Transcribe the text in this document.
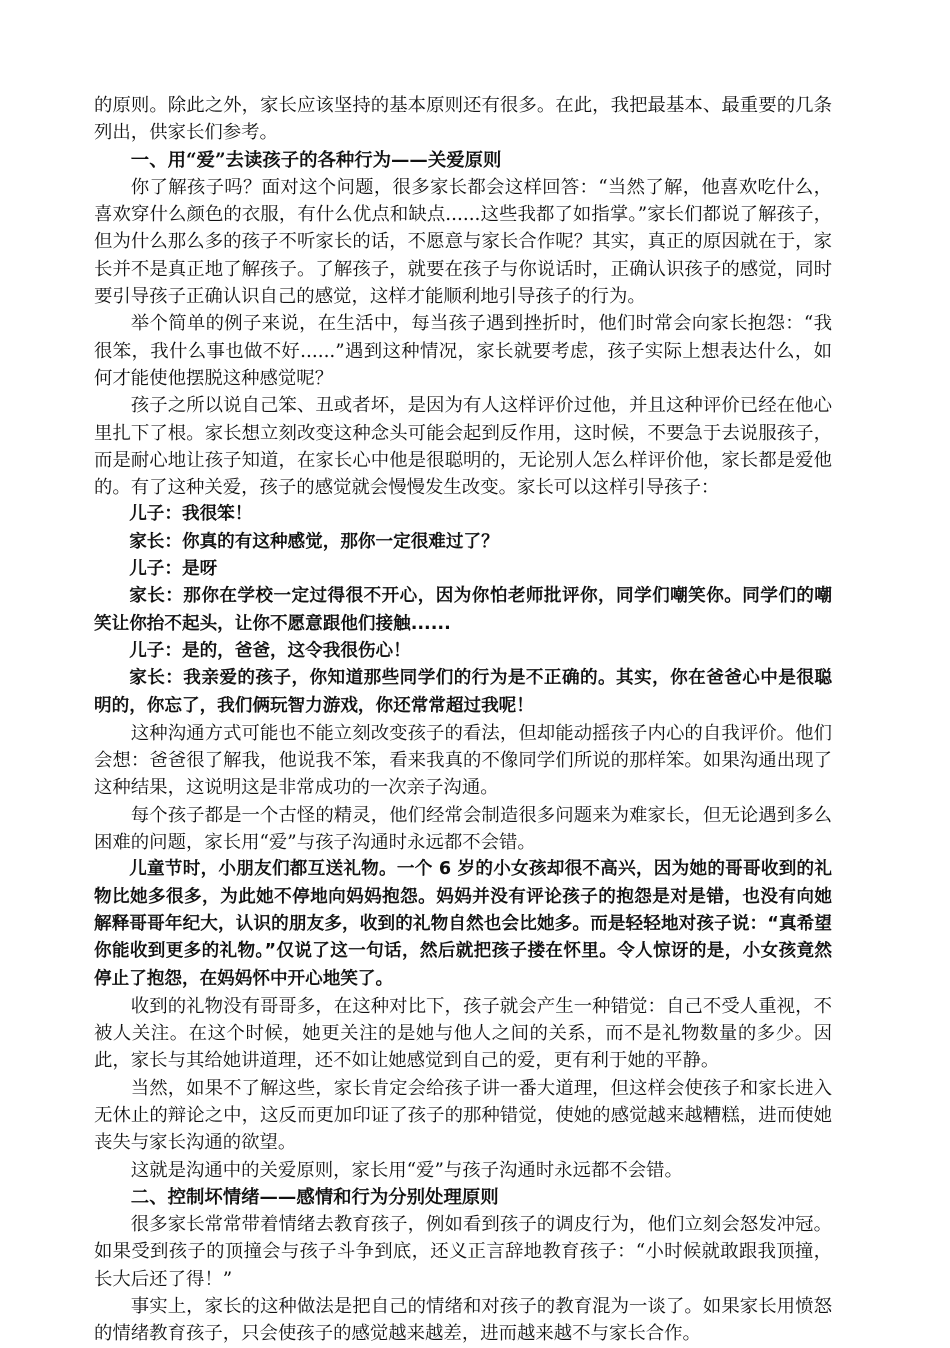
的原则。除此之外，家长应该坚持的基本原则还有很多。在此，我把最基本、最重要的几条列出，供家长们参考。

一、用“爱”去读孩子的各种行为——关爱原则

你了解孩子吗？面对这个问题，很多家长都会这样回答：“当然了解，他喜欢吃什么，喜欢穿什么颜色的衣服，有什么优点和缺点......这些我都了如指掌。”家长们都说了解孩子，但为什么那么多的孩子不听家长的话，不愿意与家长合作呢？其实，真正的原因就在于，家长并不是真正地了解孩子。了解孩子，就要在孩子与你说话时，正确认识孩子的感觉，同时要引导孩子正确认识自己的感觉，这样才能顺利地引导孩子的行为。

举个简单的例子来说，在生活中，每当孩子遇到挫折时，他们时常会向家长抱怨：“我很笨，我什么事也做不好......”遇到这种情况，家长就要考虑，孩子实际上想表达什么，如何才能使他摆脱这种感觉呢？

孩子之所以说自己笨、丑或者坏，是因为有人这样评价过他，并且这种评价已经在他心里扎下了根。家长想立刻改变这种念头可能会起到反作用，这时候，不要急于去说服孩子，而是耐心地让孩子知道，在家长心中他是很聪明的，无论别人怎么样评价他，家长都是爱他的。有了这种关爱，孩子的感觉就会慢慢发生改变。家长可以这样引导孩子：

儿子：我很笨！

家长：你真的有这种感觉，那你一定很难过了？

儿子：是呀

家长：那你在学校一定过得很不开心，因为你怕老师批评你，同学们嘲笑你。同学们的嘲笑让你抬不起头，让你不愿意跟他们接触......

儿子：是的，爸爸，这令我很伤心！

家长：我亲爱的孩子，你知道那些同学们的行为是不正确的。其实，你在爸爸心中是很聪明的，你忘了，我们俩玩智力游戏，你还常常超过我呢！

这种沟通方式可能也不能立刻改变孩子的看法，但却能动摇孩子内心的自我评价。他们会想：爸爸很了解我，他说我不笨，看来我真的不像同学们所说的那样笨。如果沟通出现了这种结果，这说明这是非常成功的一次亲子沟通。

每个孩子都是一个古怪的精灵，他们经常会制造很多问题来为难家长，但无论遇到多么困难的问题，家长用“爱”与孩子沟通时永远都不会错。

儿童节时，小朋友们都互送礼物。一个 6 岁的小女孩却很不高兴，因为她的哥哥收到的礼物比她多很多，为此她不停地向妈妈抱怨。妈妈并没有评论孩子的抱怨是对是错，也没有向她解释哥哥年纪大，认识的朋友多，收到的礼物自然也会比她多。而是轻轻地对孩子说：“真希望你能收到更多的礼物。”仅说了这一句话，然后就把孩子搂在怀里。令人惊讶的是，小女孩竟然停止了抱怨，在妈妈怀中开心地笑了。

收到的礼物没有哥哥多，在这种对比下，孩子就会产生一种错觉：自己不受人重视，不被人关注。在这个时候，她更关注的是她与他人之间的关系，而不是礼物数量的多少。因此，家长与其给她讲道理，还不如让她感觉到自己的爱，更有利于她的平静。

当然，如果不了解这些，家长肯定会给孩子讲一番大道理，但这样会使孩子和家长进入无休止的辩论之中，这反而更加印证了孩子的那种错觉，使她的感觉越来越糟糕，进而使她丧失与家长沟通的欲望。

这就是沟通中的关爱原则，家长用“爱”与孩子沟通时永远都不会错。

二、控制坏情绪——感情和行为分别处理原则

很多家长常常带着情绪去教育孩子，例如看到孩子的调皮行为，他们立刻会怒发冲冠。如果受到孩子的顶撞会与孩子斗争到底，还义正言辞地教育孩子：“小时候就敢跟我顶撞，长大后还了得！”

事实上，家长的这种做法是把自己的情绪和对孩子的教育混为一谈了。如果家长用愤怒的情绪教育孩子，只会使孩子的感觉越来越差，进而越来越不与家长合作。
